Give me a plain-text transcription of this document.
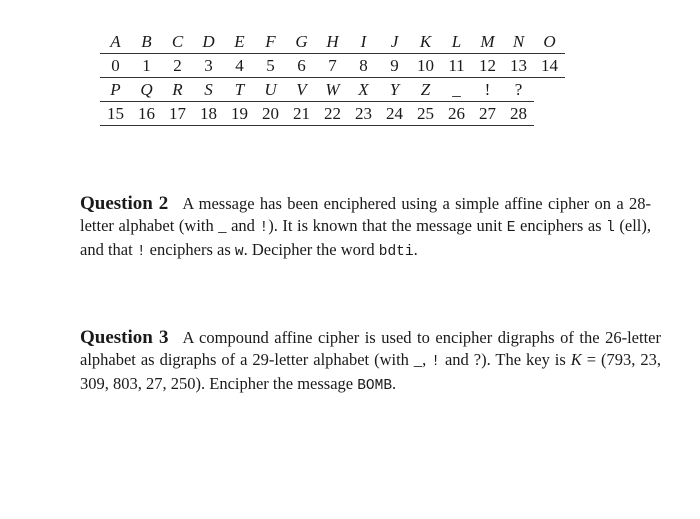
A	B	C	D	E	F	G	H	I	J	K	L	M	N	O
0	1	2	3	4	5	6	7	8	9	10	11	12	13	14
P	Q	R	S	T	U	V	W	X	Y	Z	_	!	?	
15	16	17	18	19	20	21	22	23	24	25	26	27	28	
Question 2 A message has been enciphered using a simple affine cipher on a 28-letter alphabet (with _ and !). It is known that the message unit E enciphers as l (ell), and that ! enciphers as w. Decipher the word bdti.
Question 3 A compound affine cipher is used to encipher digraphs of the 26-letter alphabet as digraphs of a 29-letter alphabet (with _, ! and ?). The key is K = (793, 23, 309, 803, 27, 250). Encipher the message BOMB.
